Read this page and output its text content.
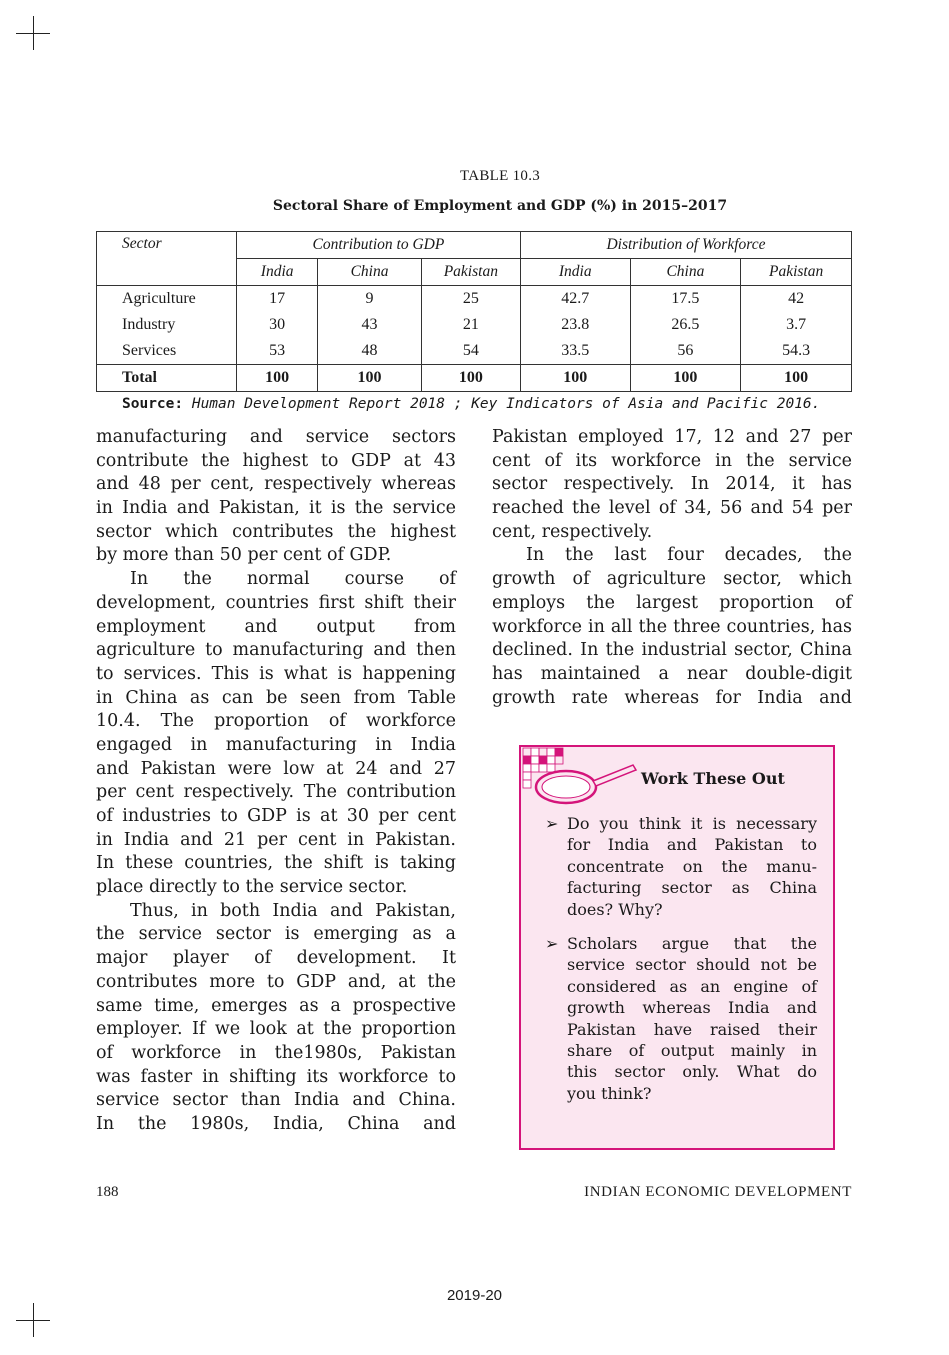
TABLE 10.3
Sectoral Share of Employment and GDP (%) in 2015–2017
Sector	Contribution to GDP			Distribution of Workforce		
	India	China	Pakistan	India	China	Pakistan
Agriculture	17	9	25	42.7	17.5	42
Industry	30	43	21	23.8	26.5	3.7
Services	53	48	54	33.5	56	54.3
Total	100	100	100	100	100	100
Source: Human Development Report 2018 ; Key Indicators of Asia and Pacific 2016.
manufacturing and service sectors
contribute the highest to GDP at 43
and 48 per cent, respectively whereas
in India and Pakistan, it is the service
sector which contributes the highest
by more than 50 per cent of GDP.
In the normal course of
development, countries first shift their
employment and output from
agriculture to manufacturing and then
to services. This is what is happening
in China as can be seen from Table
10.4. The proportion of workforce
engaged in manufacturing in India
and Pakistan were low at 24 and 27
per cent respectively. The contribution
of industries to GDP is at 30 per cent
in India and 21 per cent in Pakistan.
In these countries, the shift is taking
place directly to the service sector.
Thus, in both India and Pakistan,
the service sector is emerging as a
major player of development. It
contributes more to GDP and, at the
same time, emerges as a prospective
employer. If we look at the proportion
of workforce in the1980s, Pakistan
was faster in shifting its workforce to
service sector than India and China.
In the 1980s, India, China and
Pakistan employed 17, 12 and 27 per
cent of its workforce in the service
sector respectively. In 2014, it has
reached the level of 34, 56 and 54 per
cent, respectively.
In the last four decades, the
growth of agriculture sector, which
employs the largest proportion of
workforce in all the three countries, has
declined. In the industrial sector, China
has maintained a near double-digit
growth rate whereas for India and
Work These Out
➢ Do you think it is necessary
for India and Pakistan to
concentrate on the manu-
facturing sector as China
does? Why?
➢ Scholars argue that the
service sector should not be
considered as an engine of
growth whereas India and
Pakistan have raised their
share of output mainly in
this sector only. What do
you think?
188	INDIAN ECONOMIC DEVELOPMENT
2019-20
